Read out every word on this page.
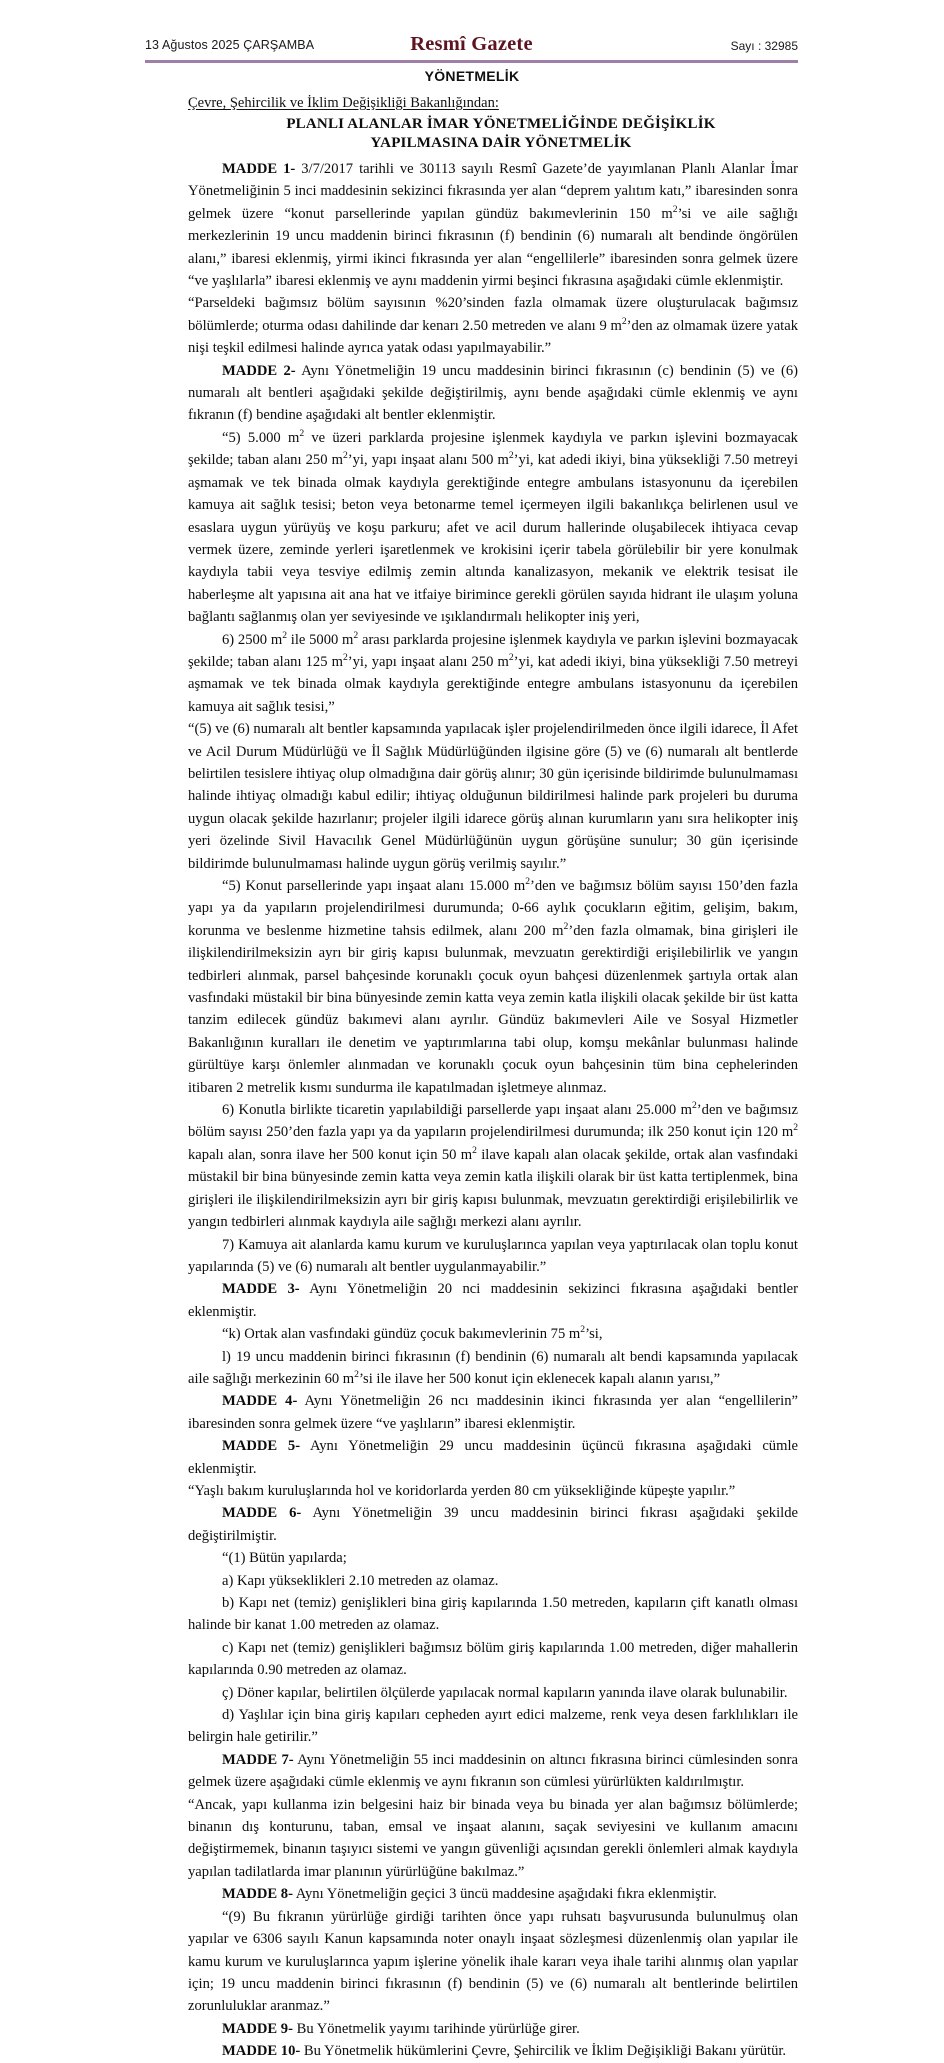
13 Ağustos 2025 ÇARŞAMBA	Resmî Gazete	Sayı : 32985
YÖNETMELİK
Çevre, Şehircilik ve İklim Değişikliği Bakanlığından:
PLANLI ALANLAR İMAR YÖNETMELİĞİNDE DEĞİŞİKLİK
YAPILMASINA DAİR YÖNETMELİK

MADDE 1- 3/7/2017 tarihli ve 30113 sayılı Resmî Gazete’de yayımlanan Planlı Alanlar İmar Yönetmeliğinin 5 inci maddesinin sekizinci fıkrasında yer alan “deprem yalıtım katı,” ibaresinden sonra gelmek üzere “konut parsellerinde yapılan gündüz bakımevlerinin 150 $m^2’si$ ve aile sağlığı merkezlerinin 19 uncu maddenin birinci fıkrasının (f) bendinin (6) numaralı alt bendinde öngörülen alanı,” ibaresi eklenmiş, yirmi ikinci fıkrasında yer alan “engellilerle” ibaresinden sonra gelmek üzere “ve yaşlılarla” ibaresi eklenmiş ve aynı maddenin yirmi beşinci fıkrasına aşağıdaki cümle eklenmiştir.

“Parseldeki bağımsız bölüm sayısının %20’sinden fazla olmamak üzere oluşturulacak bağımsız bölümlerde; oturma odası dahilinde dar kenarı 2.50 metreden ve alanı 9 $m^2’den$ az olmamak üzere yatak nişi teşkil edilmesi halinde ayrıca yatak odası yapılmayabilir.”

MADDE 2- Aynı Yönetmeliğin 19 uncu maddesinin birinci fıkrasının (c) bendinin (5) ve (6) numaralı alt bentleri aşağıdaki şekilde değiştirilmiş, aynı bende aşağıdaki cümle eklenmiş ve aynı fıkranın (f) bendine aşağıdaki alt bentler eklenmiştir.

“5) 5.000 $m^2$ ve üzeri parklarda projesine işlenmek kaydıyla ve parkın işlevini bozmayacak şekilde; taban alanı 250 $m^2’yi$, yapı inşaat alanı 500 $m^2’yi$, kat adedi ikiyi, bina yüksekliği 7.50 metreyi aşmamak ve tek binada olmak kaydıyla gerektiğinde entegre ambulans istasyonunu da içerebilen kamuya ait sağlık tesisi; beton veya betonarme temel içermeyen ilgili bakanlıkça belirlenen usul ve esaslara uygun yürüyüş ve koşu parkuru; afet ve acil durum hallerinde oluşabilecek ihtiyaca cevap vermek üzere, zeminde yerleri işaretlenmek ve krokisini içerir tabela görülebilir bir yere konulmak kaydıyla tabii veya tesviye edilmiş zemin altında kanalizasyon, mekanik ve elektrik tesisat ile haberleşme alt yapısına ait ana hat ve itfaiye birimince gerekli görülen sayıda hidrant ile ulaşım yoluna bağlantı sağlanmış olan yer seviyesinde ve ışıklandırmalı helikopter iniş yeri,

6) 2500 $m^2$ ile 5000 $m^2$ arası parklarda projesine işlenmek kaydıyla ve parkın işlevini bozmayacak şekilde; taban alanı 125 $m^2’yi$, yapı inşaat alanı 250 $m^2’yi$, kat adedi ikiyi, bina yüksekliği 7.50 metreyi aşmamak ve tek binada olmak kaydıyla gerektiğinde entegre ambulans istasyonunu da içerebilen kamuya ait sağlık tesisi,”

“(5) ve (6) numaralı alt bentler kapsamında yapılacak işler projelendirilmeden önce ilgili idarece, İl Afet ve Acil Durum Müdürlüğü ve İl Sağlık Müdürlüğünden ilgisine göre (5) ve (6) numaralı alt bentlerde belirtilen tesislere ihtiyaç olup olmadığına dair görüş alınır; 30 gün içerisinde bildirimde bulunulmaması halinde ihtiyaç olmadığı kabul edilir; ihtiyaç olduğunun bildirilmesi halinde park projeleri bu duruma uygun olacak şekilde hazırlanır; projeler ilgili idarece görüş alınan kurumların yanı sıra helikopter iniş yeri özelinde Sivil Havacılık Genel Müdürlüğünün uygun görüşüne sunulur; 30 gün içerisinde bildirimde bulunulmaması halinde uygun görüş verilmiş sayılır.”

“5) Konut parsellerinde yapı inşaat alanı 15.000 $m^2’den$ ve bağımsız bölüm sayısı 150’den fazla yapı ya da yapıların projelendirilmesi durumunda; 0-66 aylık çocukların eğitim, gelişim, bakım, korunma ve beslenme hizmetine tahsis edilmek, alanı 200 $m^2’den$ fazla olmamak, bina girişleri ile ilişkilendirilmeksizin ayrı bir giriş kapısı bulunmak, mevzuatın gerektirdiği erişilebilirlik ve yangın tedbirleri alınmak, parsel bahçesinde korunaklı çocuk oyun bahçesi düzenlenmek şartıyla ortak alan vasfındaki müstakil bir bina bünyesinde zemin katta veya zemin katla ilişkili olacak şekilde bir üst katta tanzim edilecek gündüz bakımevi alanı ayrılır. Gündüz bakımevleri Aile ve Sosyal Hizmetler Bakanlığının kuralları ile denetim ve yaptırımlarına tabi olup, komşu mekânlar bulunması halinde gürültüye karşı önlemler alınmadan ve korunaklı çocuk oyun bahçesinin tüm bina cephelerinden itibaren 2 metrelik kısmı sundurma ile kapatılmadan işletmeye alınmaz.

6) Konutla birlikte ticaretin yapılabildiği parsellerde yapı inşaat alanı 25.000 $m^2’den$ ve bağımsız bölüm sayısı 250’den fazla yapı ya da yapıların projelendirilmesi durumunda; ilk 250 konut için 120 $m^2$ kapalı alan, sonra ilave her 500 konut için 50 $m^2$ ilave kapalı alan olacak şekilde, ortak alan vasfındaki müstakil bir bina bünyesinde zemin katta veya zemin katla ilişkili olarak bir üst katta tertiplenmek, bina girişleri ile ilişkilendirilmeksizin ayrı bir giriş kapısı bulunmak, mevzuatın gerektirdiği erişilebilirlik ve yangın tedbirleri alınmak kaydıyla aile sağlığı merkezi alanı ayrılır.

7) Kamuya ait alanlarda kamu kurum ve kuruluşlarınca yapılan veya yaptırılacak olan toplu konut yapılarında (5) ve (6) numaralı alt bentler uygulanmayabilir.”

MADDE 3- Aynı Yönetmeliğin 20 nci maddesinin sekizinci fıkrasına aşağıdaki bentler eklenmiştir.

“k) Ortak alan vasfındaki gündüz çocuk bakımevlerinin 75 $m^2’si$,

l) 19 uncu maddenin birinci fıkrasının (f) bendinin (6) numaralı alt bendi kapsamında yapılacak aile sağlığı merkezinin 60 $m^2’si$ ile ilave her 500 konut için eklenecek kapalı alanın yarısı,”

MADDE 4- Aynı Yönetmeliğin 26 ncı maddesinin ikinci fıkrasında yer alan “engellilerin” ibaresinden sonra gelmek üzere “ve yaşlıların” ibaresi eklenmiştir.

MADDE 5- Aynı Yönetmeliğin 29 uncu maddesinin üçüncü fıkrasına aşağıdaki cümle eklenmiştir.

“Yaşlı bakım kuruluşlarında hol ve koridorlarda yerden 80 cm yüksekliğinde küpeşte yapılır.”

MADDE 6- Aynı Yönetmeliğin 39 uncu maddesinin birinci fıkrası aşağıdaki şekilde değiştirilmiştir.

“(1) Bütün yapılarda;

a) Kapı yükseklikleri 2.10 metreden az olamaz.

b) Kapı net (temiz) genişlikleri bina giriş kapılarında 1.50 metreden, kapıların çift kanatlı olması halinde bir kanat 1.00 metreden az olamaz.

c) Kapı net (temiz) genişlikleri bağımsız bölüm giriş kapılarında 1.00 metreden, diğer mahallerin kapılarında 0.90 metreden az olamaz.

ç) Döner kapılar, belirtilen ölçülerde yapılacak normal kapıların yanında ilave olarak bulunabilir.

d) Yaşlılar için bina giriş kapıları cepheden ayırt edici malzeme, renk veya desen farklılıkları ile belirgin hale getirilir.”

MADDE 7- Aynı Yönetmeliğin 55 inci maddesinin on altıncı fıkrasına birinci cümlesinden sonra gelmek üzere aşağıdaki cümle eklenmiş ve aynı fıkranın son cümlesi yürürlükten kaldırılmıştır.

“Ancak, yapı kullanma izin belgesini haiz bir binada veya bu binada yer alan bağımsız bölümlerde; binanın dış konturunu, taban, emsal ve inşaat alanını, saçak seviyesini ve kullanım amacını değiştirmemek, binanın taşıyıcı sistemi ve yangın güvenliği açısından gerekli önlemleri almak kaydıyla yapılan tadilatlarda imar planının yürürlüğüne bakılmaz.”

MADDE 8- Aynı Yönetmeliğin geçici 3 üncü maddesine aşağıdaki fıkra eklenmiştir.

“(9) Bu fıkranın yürürlüğe girdiği tarihten önce yapı ruhsatı başvurusunda bulunulmuş olan yapılar ve 6306 sayılı Kanun kapsamında noter onaylı inşaat sözleşmesi düzenlenmiş olan yapılar ile kamu kurum ve kuruluşlarınca yapım işlerine yönelik ihale kararı veya ihale tarihi alınmış olan yapılar için; 19 uncu maddenin birinci fıkrasının (f) bendinin (5) ve (6) numaralı alt bentlerinde belirtilen zorunluluklar aranmaz.”

MADDE 9- Bu Yönetmelik yayımı tarihinde yürürlüğe girer.

MADDE 10- Bu Yönetmelik hükümlerini Çevre, Şehircilik ve İklim Değişikliği Bakanı yürütür.
